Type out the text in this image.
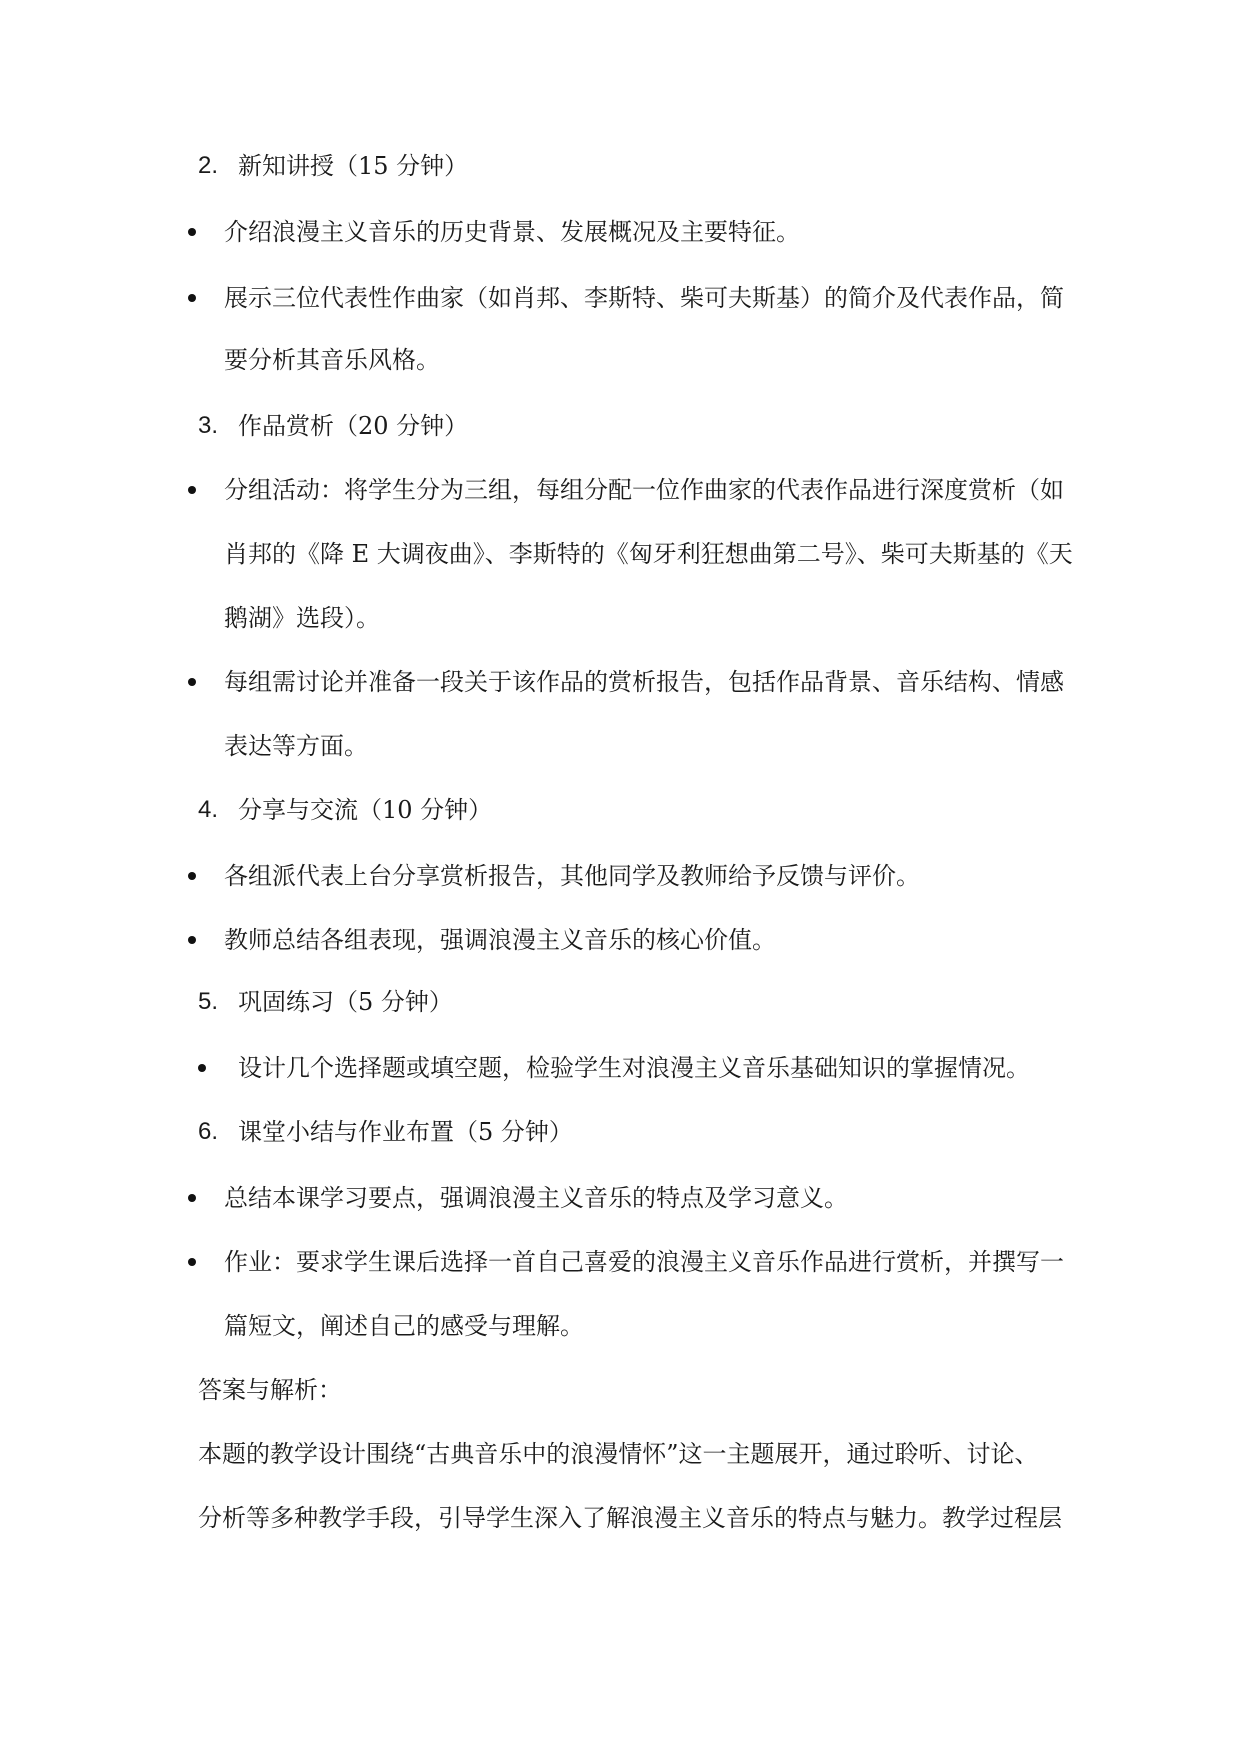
2. 新知讲授（15 分钟）
介绍浪漫主义音乐的历史背景、发展概况及主要特征。
展示三位代表性作曲家（如肖邦、李斯特、柴可夫斯基）的简介及代表作品，简
要分析其音乐风格。
3. 作品赏析（20 分钟）
分组活动：将学生分为三组，每组分配一位作曲家的代表作品进行深度赏析（如
肖邦的《降 E 大调夜曲》、李斯特的《匈牙利狂想曲第二号》、柴可夫斯基的《天
鹅湖》选段）。
每组需讨论并准备一段关于该作品的赏析报告，包括作品背景、音乐结构、情感
表达等方面。
4. 分享与交流（10 分钟）
各组派代表上台分享赏析报告，其他同学及教师给予反馈与评价。
教师总结各组表现，强调浪漫主义音乐的核心价值。
5. 巩固练习（5 分钟）
设计几个选择题或填空题，检验学生对浪漫主义音乐基础知识的掌握情况。
6. 课堂小结与作业布置（5 分钟）
总结本课学习要点，强调浪漫主义音乐的特点及学习意义。
作业：要求学生课后选择一首自己喜爱的浪漫主义音乐作品进行赏析，并撰写一
篇短文，阐述自己的感受与理解。
答案与解析：
本题的教学设计围绕“古典音乐中的浪漫情怀”这一主题展开，通过聆听、讨论、
分析等多种教学手段，引导学生深入了解浪漫主义音乐的特点与魅力。教学过程层
